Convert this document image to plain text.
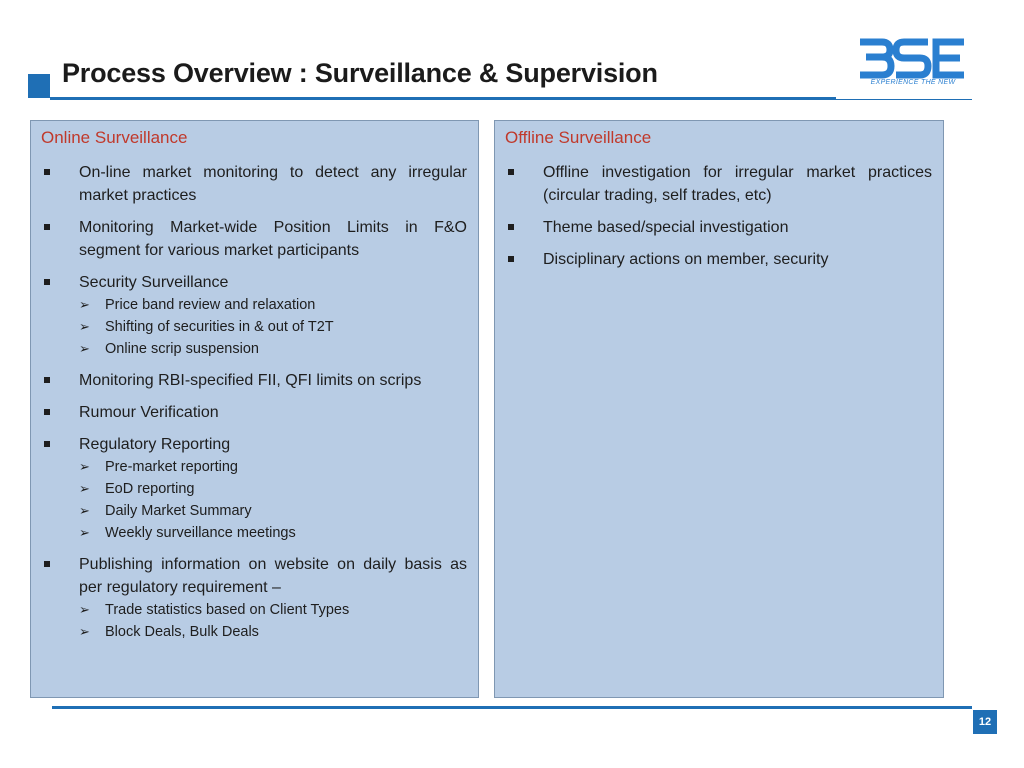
Process Overview : Surveillance & Supervision	EXPERIENCE THE NEW
Online Surveillance
On-line market monitoring to detect any irregular market practices
Monitoring Market-wide Position Limits in F&O segment for various market participants
Security Surveillance
➢ Price band review and relaxation
➢ Shifting of securities in & out of T2T
➢ Online scrip suspension
Monitoring RBI-specified FII, QFI limits on scrips
Rumour Verification
Regulatory Reporting
➢ Pre-market reporting
➢ EoD reporting
➢ Daily Market Summary
➢ Weekly surveillance meetings
Publishing information on website on daily basis as per regulatory requirement –
➢ Trade statistics based on Client Types
➢ Block Deals, Bulk Deals
Offline Surveillance
Offline investigation for irregular market practices (circular trading, self trades, etc)
Theme based/special investigation
Disciplinary actions on member, security
12
